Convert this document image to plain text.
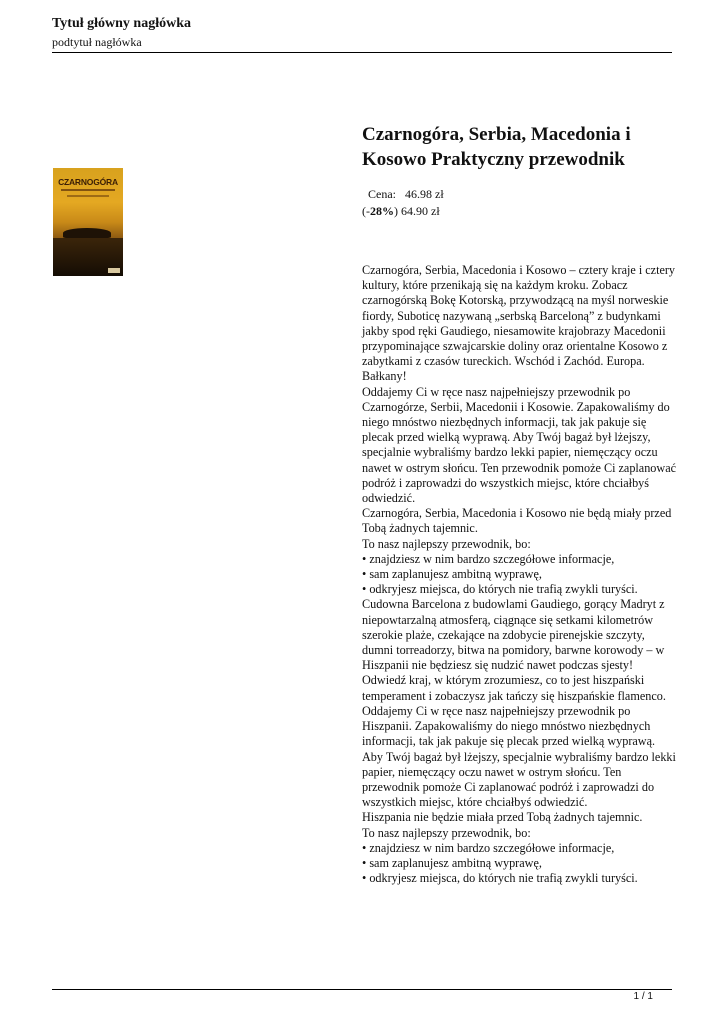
Tytuł główny nagłówka
podtytuł nagłówka
CZARNOGÓRA
Czarnogóra, Serbia, Macedonia i Kosowo Praktyczny przewodnik
Cena: 46.98 zł
(-28%) 64.90 zł

Czarnogóra, Serbia, Macedonia i Kosowo – cztery kraje i cztery kultury, które przenikają się na każdym kroku. Zobacz czarnogórską Bokę Kotorską, przywodzącą na myśl norweskie fiordy, Suboticę nazywaną „serbską Barceloną” z budynkami jakby spod ręki Gaudiego, niesamowite krajobrazy Macedonii przypominające szwajcarskie doliny oraz orientalne Kosowo z zabytkami z czasów tureckich. Wschód i Zachód. Europa. Bałkany!

Oddajemy Ci w ręce nasz najpełniejszy przewodnik po Czarnogórze, Serbii, Macedonii i Kosowie. Zapakowaliśmy do niego mnóstwo niezbędnych informacji, tak jak pakuje się plecak przed wielką wyprawą. Aby Twój bagaż był lżejszy, specjalnie wybraliśmy bardzo lekki papier, niemęczący oczu nawet w ostrym słońcu. Ten przewodnik pomoże Ci zaplanować podróż i zaprowadzi do wszystkich miejsc, które chciałbyś odwiedzić.

Czarnogóra, Serbia, Macedonia i Kosowo nie będą miały przed Tobą żadnych tajemnic.

To nasz najlepszy przewodnik, bo:

• znajdziesz w nim bardzo szczegółowe informacje,

• sam zaplanujesz ambitną wyprawę,

• odkryjesz miejsca, do których nie trafią zwykli turyści.

Cudowna Barcelona z budowlami Gaudiego, gorący Madryt z niepowtarzalną atmosferą, ciągnące się setkami kilometrów szerokie plaże, czekające na zdobycie pirenejskie szczyty, dumni torreadorzy, bitwa na pomidory, barwne korowody – w Hiszpanii nie będziesz się nudzić nawet podczas sjesty! Odwiedź kraj, w którym zrozumiesz, co to jest hiszpański temperament i zobaczysz jak tańczy się hiszpańskie flamenco.

Oddajemy Ci w ręce nasz najpełniejszy przewodnik po Hiszpanii. Zapakowaliśmy do niego mnóstwo niezbędnych informacji, tak jak pakuje się plecak przed wielką wyprawą. Aby Twój bagaż był lżejszy, specjalnie wybraliśmy bardzo lekki papier, niemęczący oczu nawet w ostrym słońcu. Ten przewodnik pomoże Ci zaplanować podróż i zaprowadzi do wszystkich miejsc, które chciałbyś odwiedzić.

Hiszpania nie będzie miała przed Tobą żadnych tajemnic.

To nasz najlepszy przewodnik, bo:

• znajdziesz w nim bardzo szczegółowe informacje,

• sam zaplanujesz ambitną wyprawę,

• odkryjesz miejsca, do których nie trafią zwykli turyści.

1 / 1
